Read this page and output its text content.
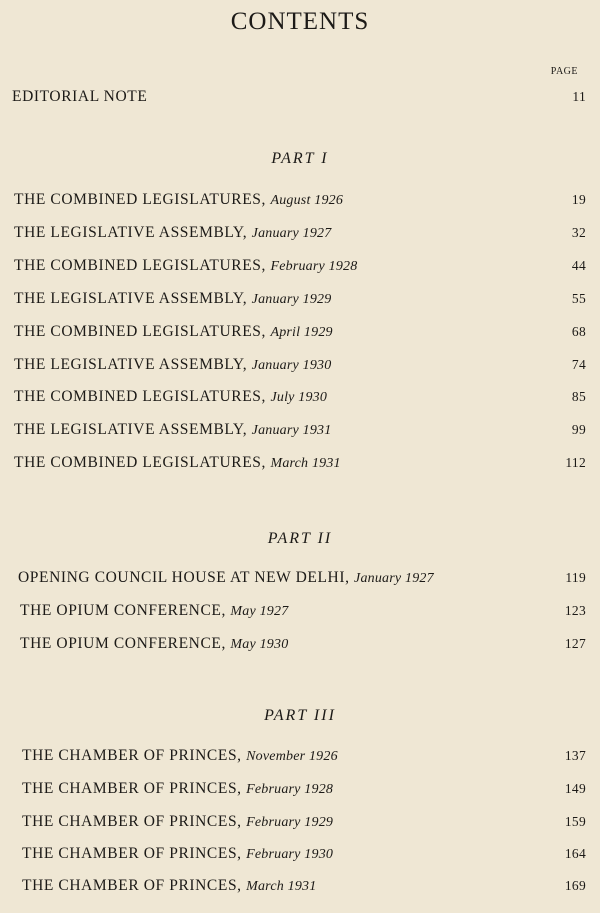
CONTENTS
PAGE
EDITORIAL NOTE	11
PART I
THE COMBINED LEGISLATURES, August 1926	19
THE LEGISLATIVE ASSEMBLY, January 1927	32
THE COMBINED LEGISLATURES, February 1928	44
THE LEGISLATIVE ASSEMBLY, January 1929	55
THE COMBINED LEGISLATURES, April 1929	68
THE LEGISLATIVE ASSEMBLY, January 1930	74
THE COMBINED LEGISLATURES, July 1930	85
THE LEGISLATIVE ASSEMBLY, January 1931	99
THE COMBINED LEGISLATURES, March 1931	112
PART II
OPENING COUNCIL HOUSE AT NEW DELHI, January 1927	119
THE OPIUM CONFERENCE, May 1927	123
THE OPIUM CONFERENCE, May 1930	127
PART III
THE CHAMBER OF PRINCES, November 1926	137
THE CHAMBER OF PRINCES, February 1928	149
THE CHAMBER OF PRINCES, February 1929	159
THE CHAMBER OF PRINCES, February 1930	164
THE CHAMBER OF PRINCES, March 1931	169
